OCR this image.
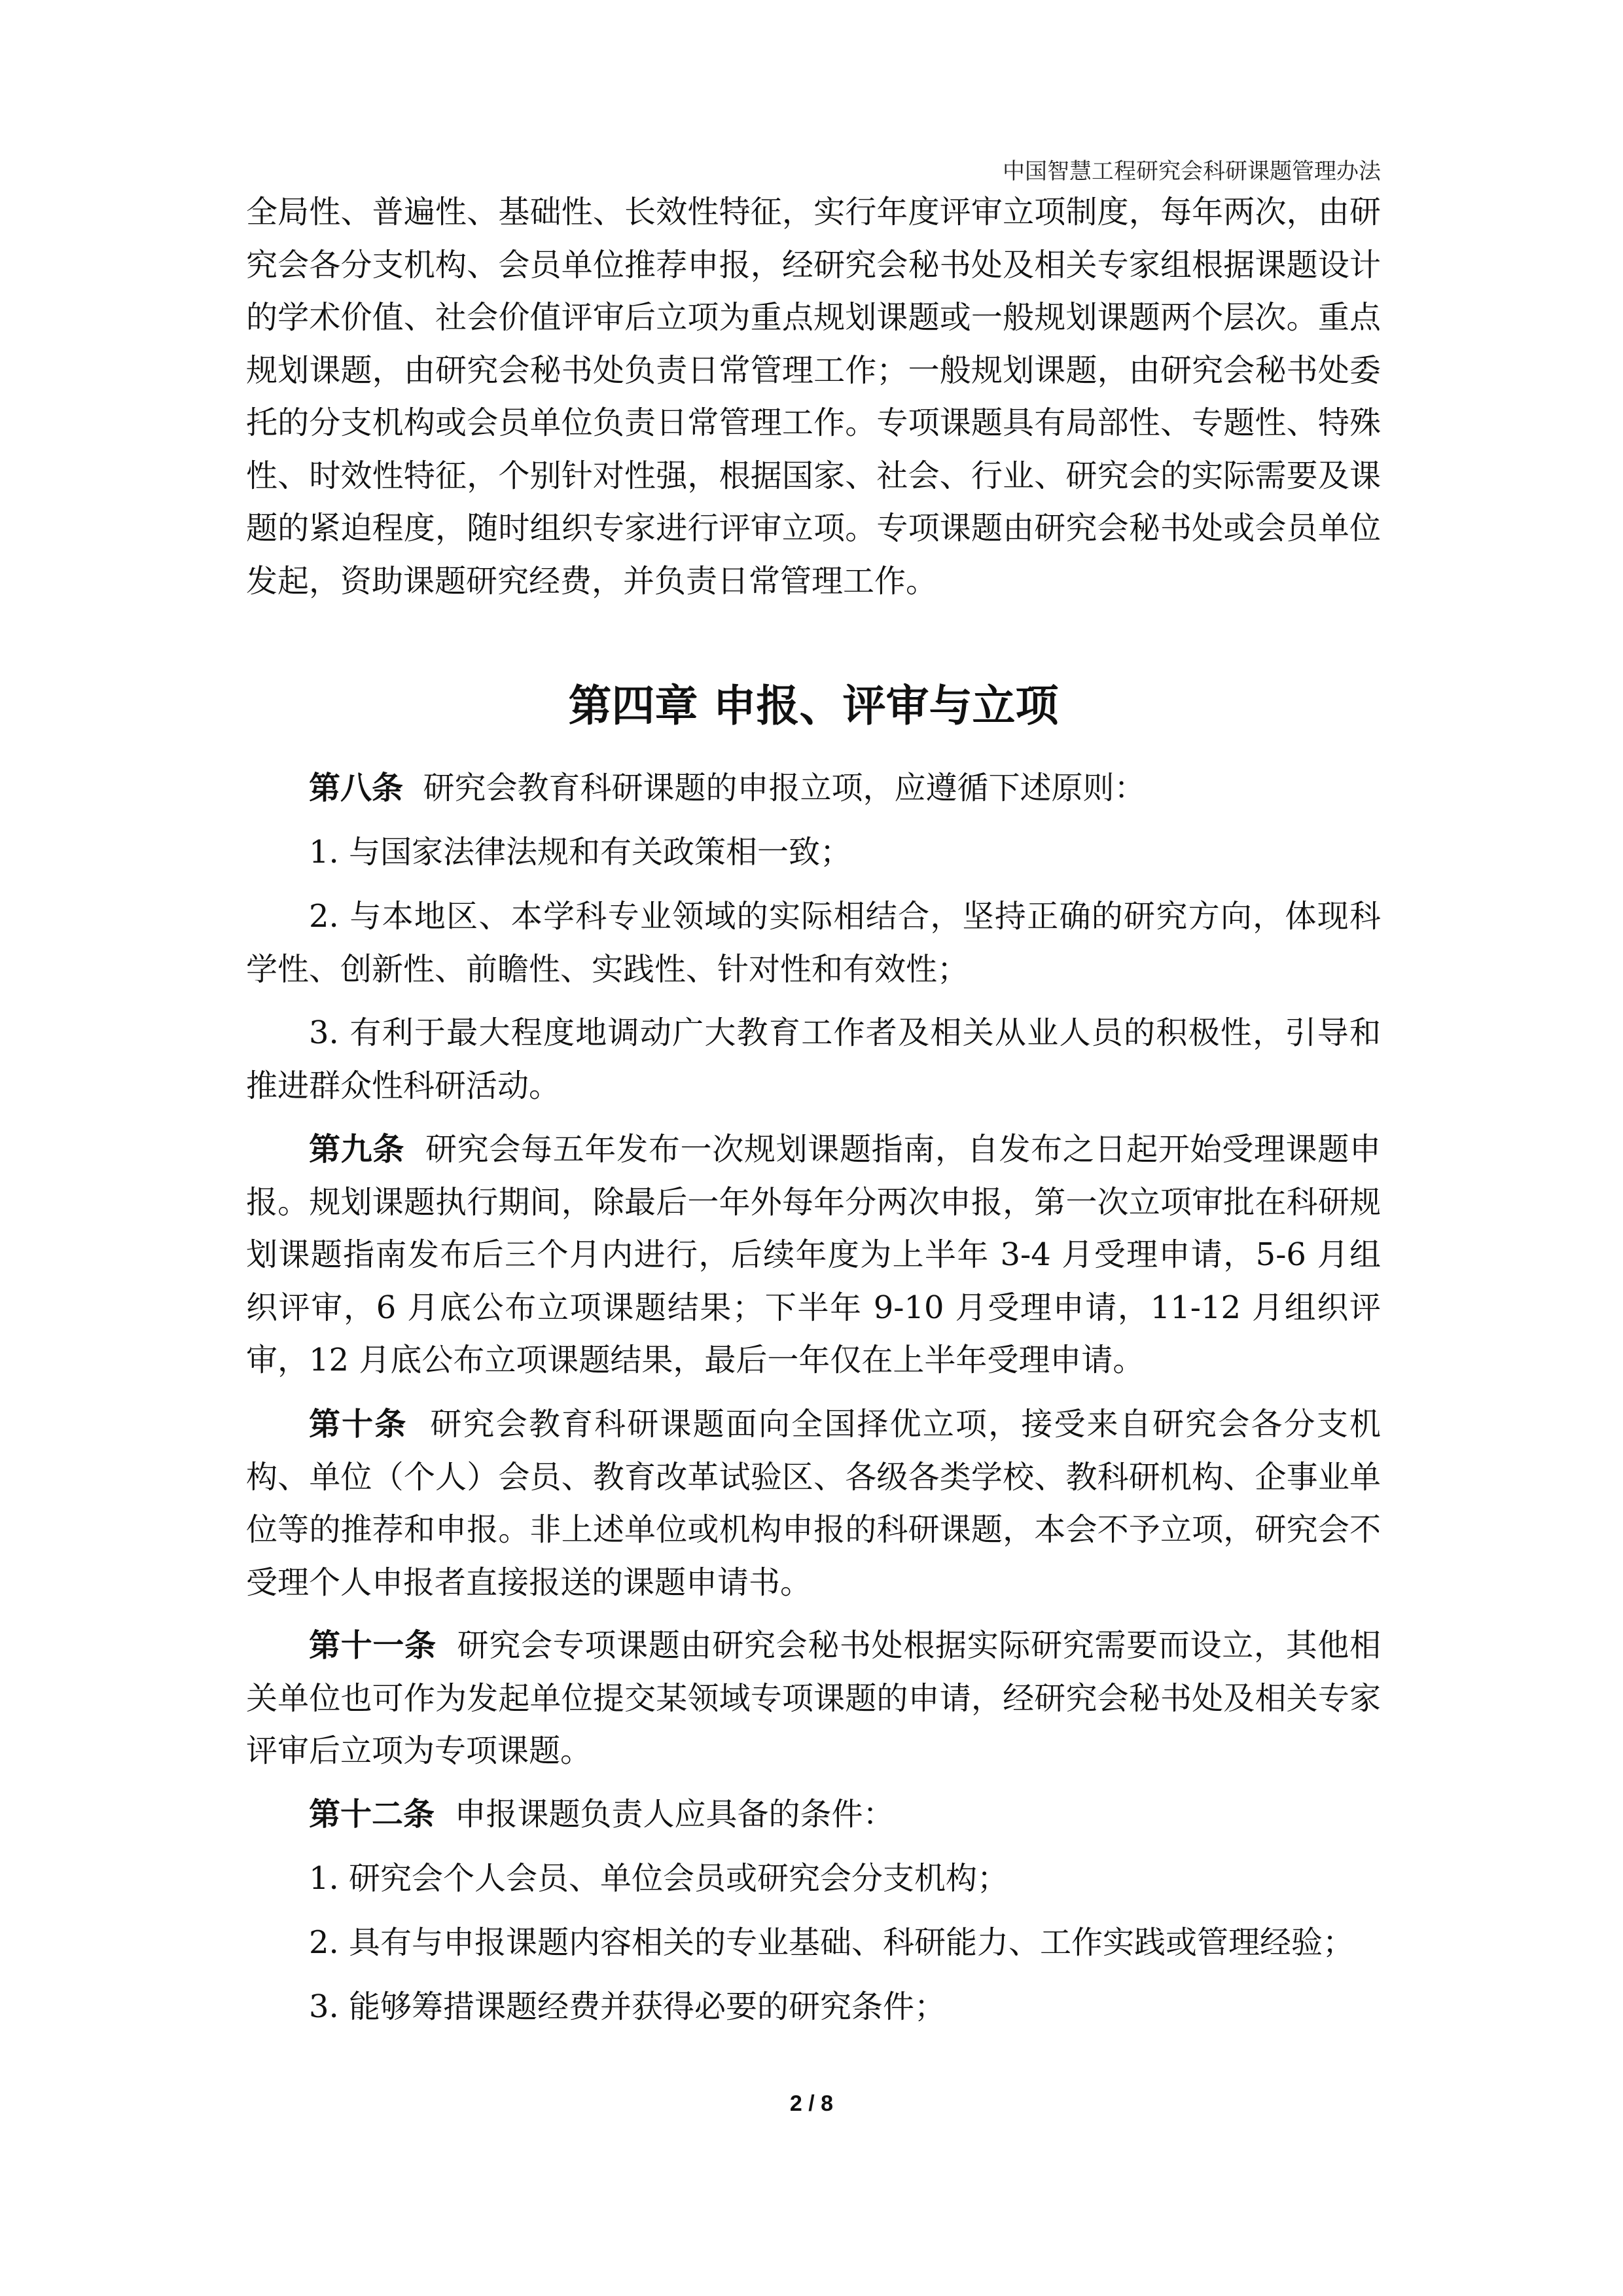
中国智慧工程研究会科研课题管理办法

全局性、普遍性、基础性、长效性特征，实行年度评审立项制度，每年两次，由研究会各分支机构、会员单位推荐申报，经研究会秘书处及相关专家组根据课题设计的学术价值、社会价值评审后立项为重点规划课题或一般规划课题两个层次。重点规划课题，由研究会秘书处负责日常管理工作；一般规划课题，由研究会秘书处委托的分支机构或会员单位负责日常管理工作。专项课题具有局部性、专题性、特殊性、时效性特征，个别针对性强，根据国家、社会、行业、研究会的实际需要及课题的紧迫程度，随时组织专家进行评审立项。专项课题由研究会秘书处或会员单位发起，资助课题研究经费，并负责日常管理工作。

第四章 申报、评审与立项

第八条 研究会教育科研课题的申报立项，应遵循下述原则：

1. 与国家法律法规和有关政策相一致；

2. 与本地区、本学科专业领域的实际相结合，坚持正确的研究方向，体现科学性、创新性、前瞻性、实践性、针对性和有效性；

3. 有利于最大程度地调动广大教育工作者及相关从业人员的积极性，引导和推进群众性科研活动。

第九条 研究会每五年发布一次规划课题指南，自发布之日起开始受理课题申报。规划课题执行期间，除最后一年外每年分两次申报，第一次立项审批在科研规划课题指南发布后三个月内进行，后续年度为上半年 3-4 月受理申请，5-6 月组织评审，6 月底公布立项课题结果；下半年 9-10 月受理申请，11-12 月组织评审，12 月底公布立项课题结果，最后一年仅在上半年受理申请。

第十条 研究会教育科研课题面向全国择优立项，接受来自研究会各分支机构、单位（个人）会员、教育改革试验区、各级各类学校、教科研机构、企事业单位等的推荐和申报。非上述单位或机构申报的科研课题，本会不予立项，研究会不受理个人申报者直接报送的课题申请书。

第十一条 研究会专项课题由研究会秘书处根据实际研究需要而设立，其他相关单位也可作为发起单位提交某领域专项课题的申请，经研究会秘书处及相关专家评审后立项为专项课题。

第十二条 申报课题负责人应具备的条件：

1. 研究会个人会员、单位会员或研究会分支机构；

2. 具有与申报课题内容相关的专业基础、科研能力、工作实践或管理经验；

3. 能够筹措课题经费并获得必要的研究条件；

2 / 8
